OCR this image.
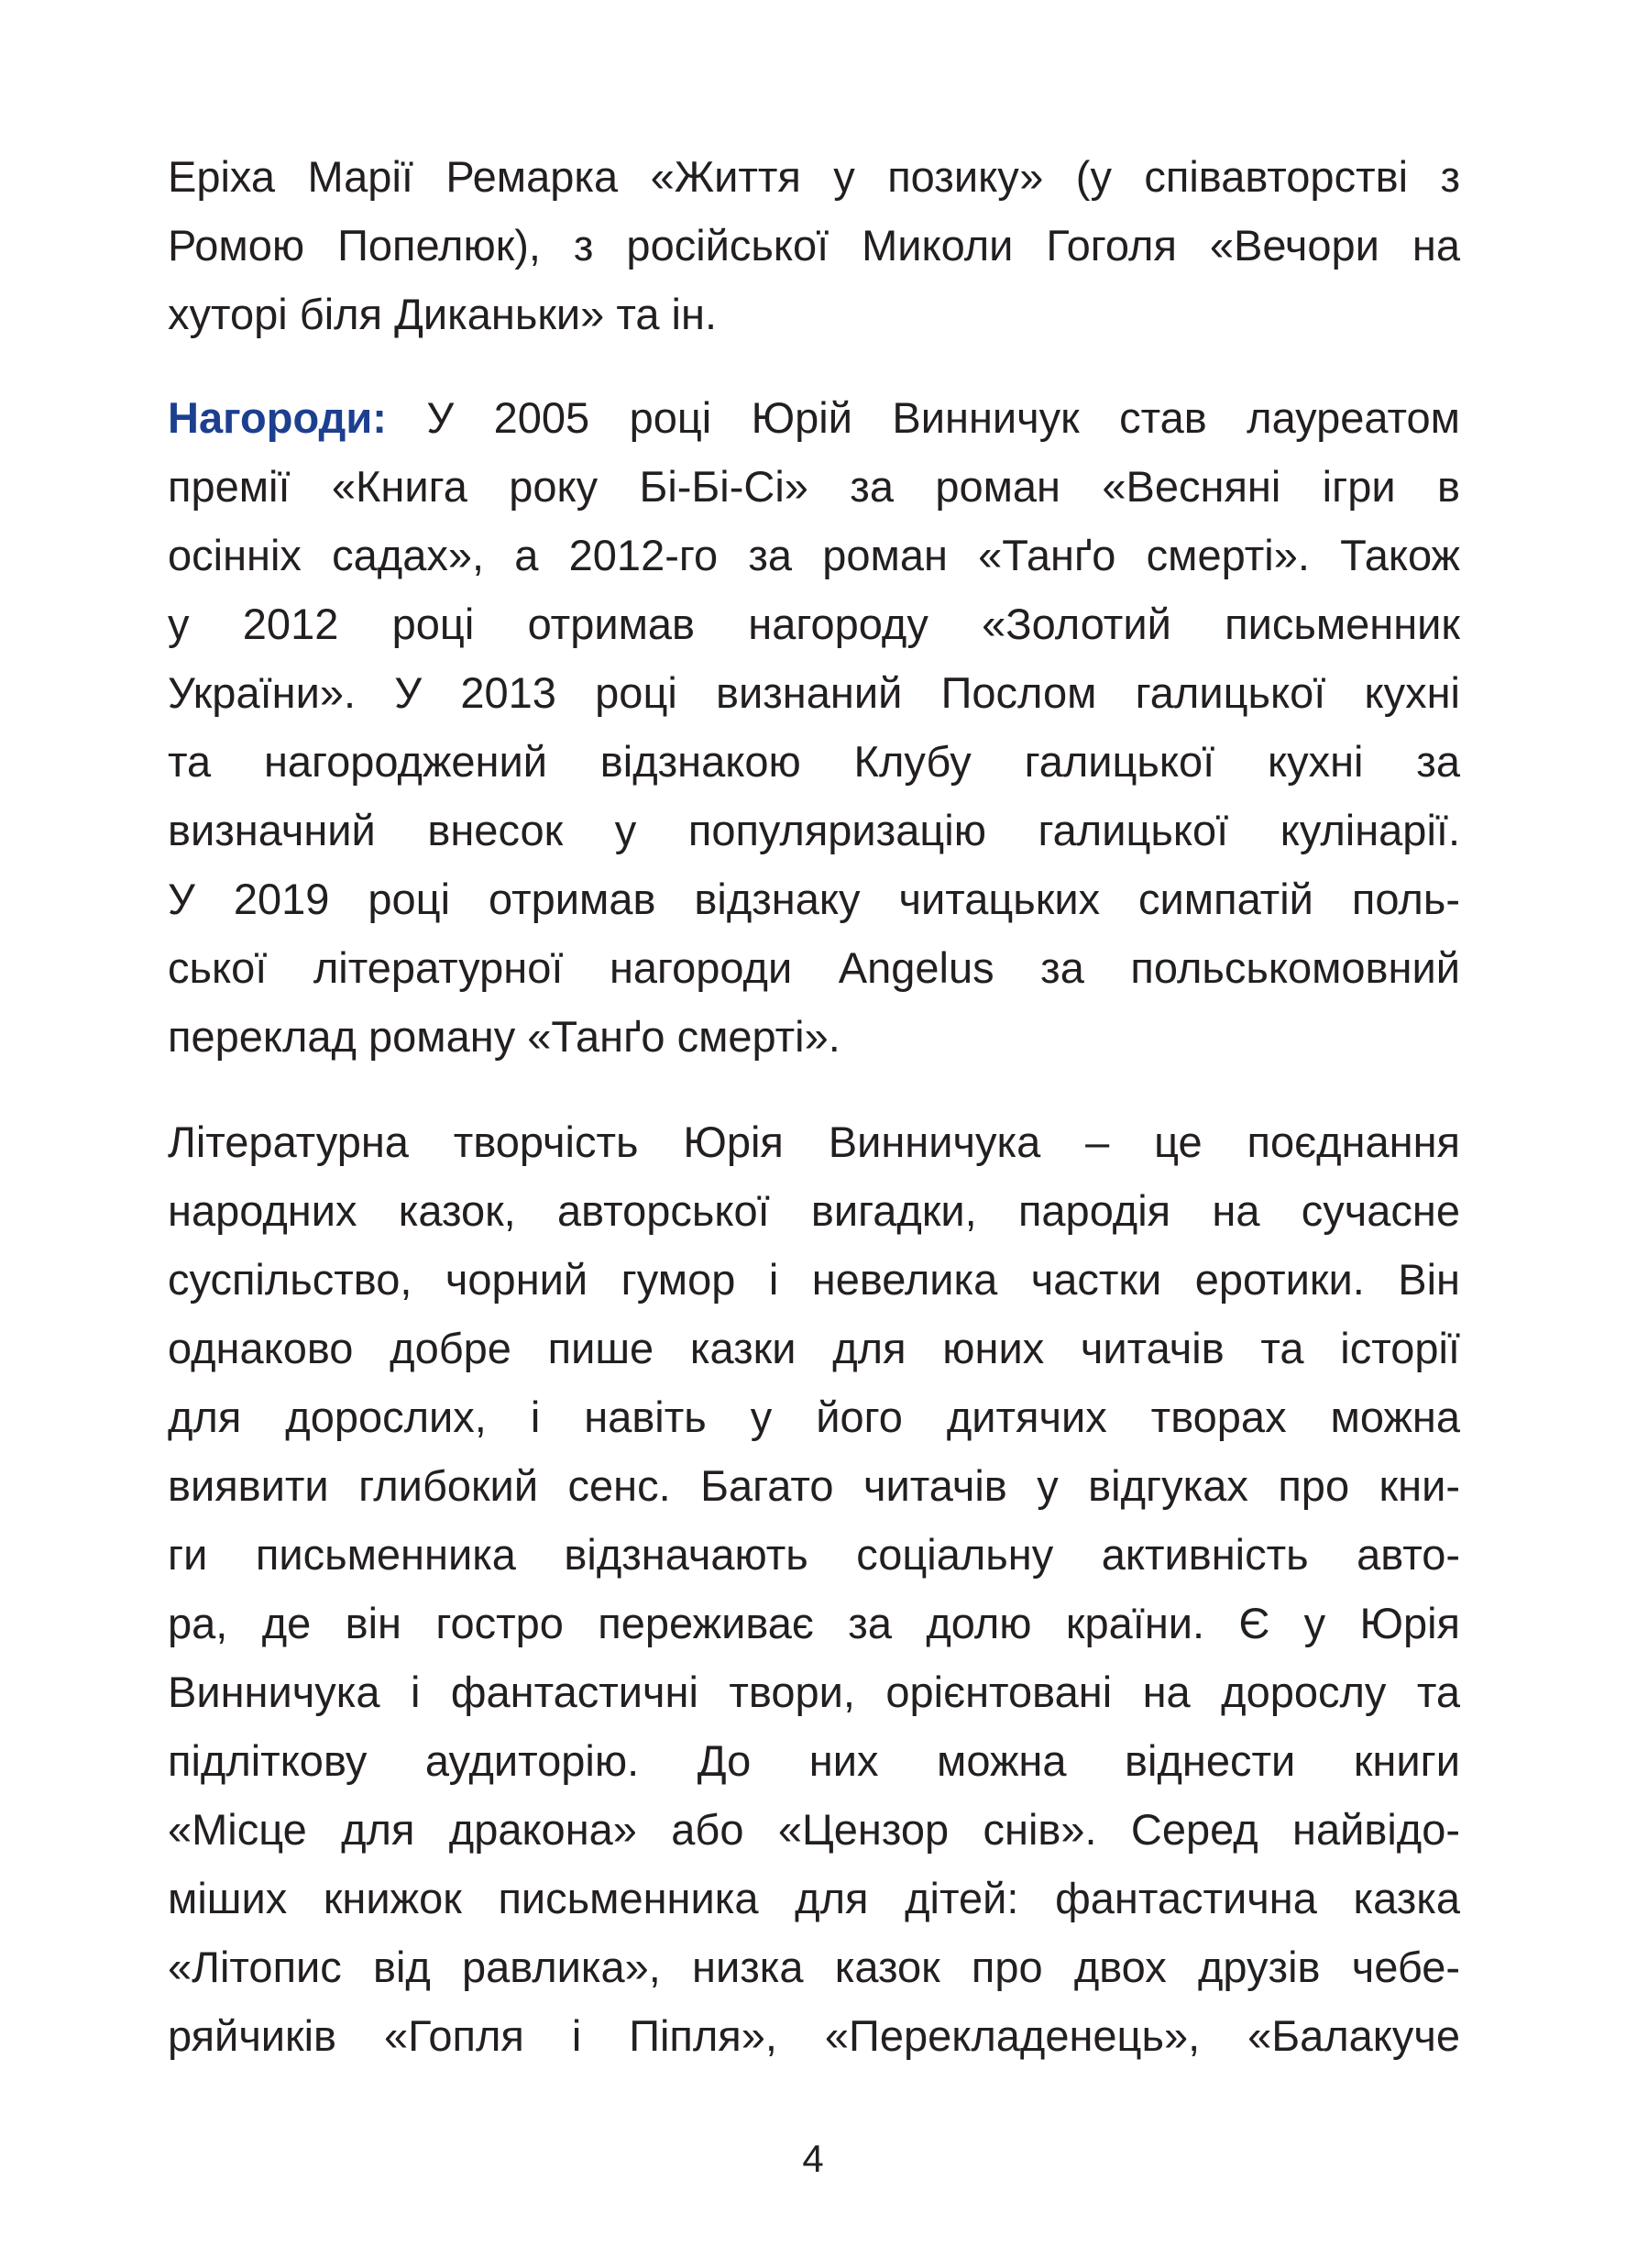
Еріха Марії Ремарка «Життя у позику» (у співавторстві з
Ромою Попелюк), з російської Миколи Гоголя «Вечори на
хуторі біля Диканьки» та ін.
Нагороди: У 2005 році Юрій Винничук став лауреатом
премії «Книга року Бі-Бі-Сі» за роман «Весняні ігри в
осінніх садах», а 2012-го за роман «Танґо смерті». Також
у 2012 році отримав нагороду «Золотий письменник
України». У 2013 році визнаний Послом галицької кухні
та нагороджений відзнакою Клубу галицької кухні за
визначний внесок у популяризацію галицької кулінарії.
У 2019 році отримав відзнаку читацьких симпатій поль-
ської літературної нагороди Angelus за польськомовний
переклад роману «Танґо смерті».
Літературна творчість Юрія Винничука – це поєднання
народних казок, авторської вигадки, пародія на сучасне
суспільство, чорний гумор і невелика частки еротики. Він
однаково добре пише казки для юних читачів та історії
для дорослих, і навіть у його дитячих творах можна
виявити глибокий сенс. Багато читачів у відгуках про кни-
ги письменника відзначають соціальну активність авто-
ра, де він гостро переживає за долю країни. Є у Юрія
Винничука і фантастичні твори, орієнтовані на дорослу та
підліткову аудиторію. До них можна віднести книги
«Місце для дракона» або «Цензор снів». Серед найвідо-
міших книжок письменника для дітей: фантастична казка
«Літопис від равлика», низка казок про двох друзів чебе-
ряйчиків «Гопля і Піпля», «Перекладенець», «Балакуче
4
